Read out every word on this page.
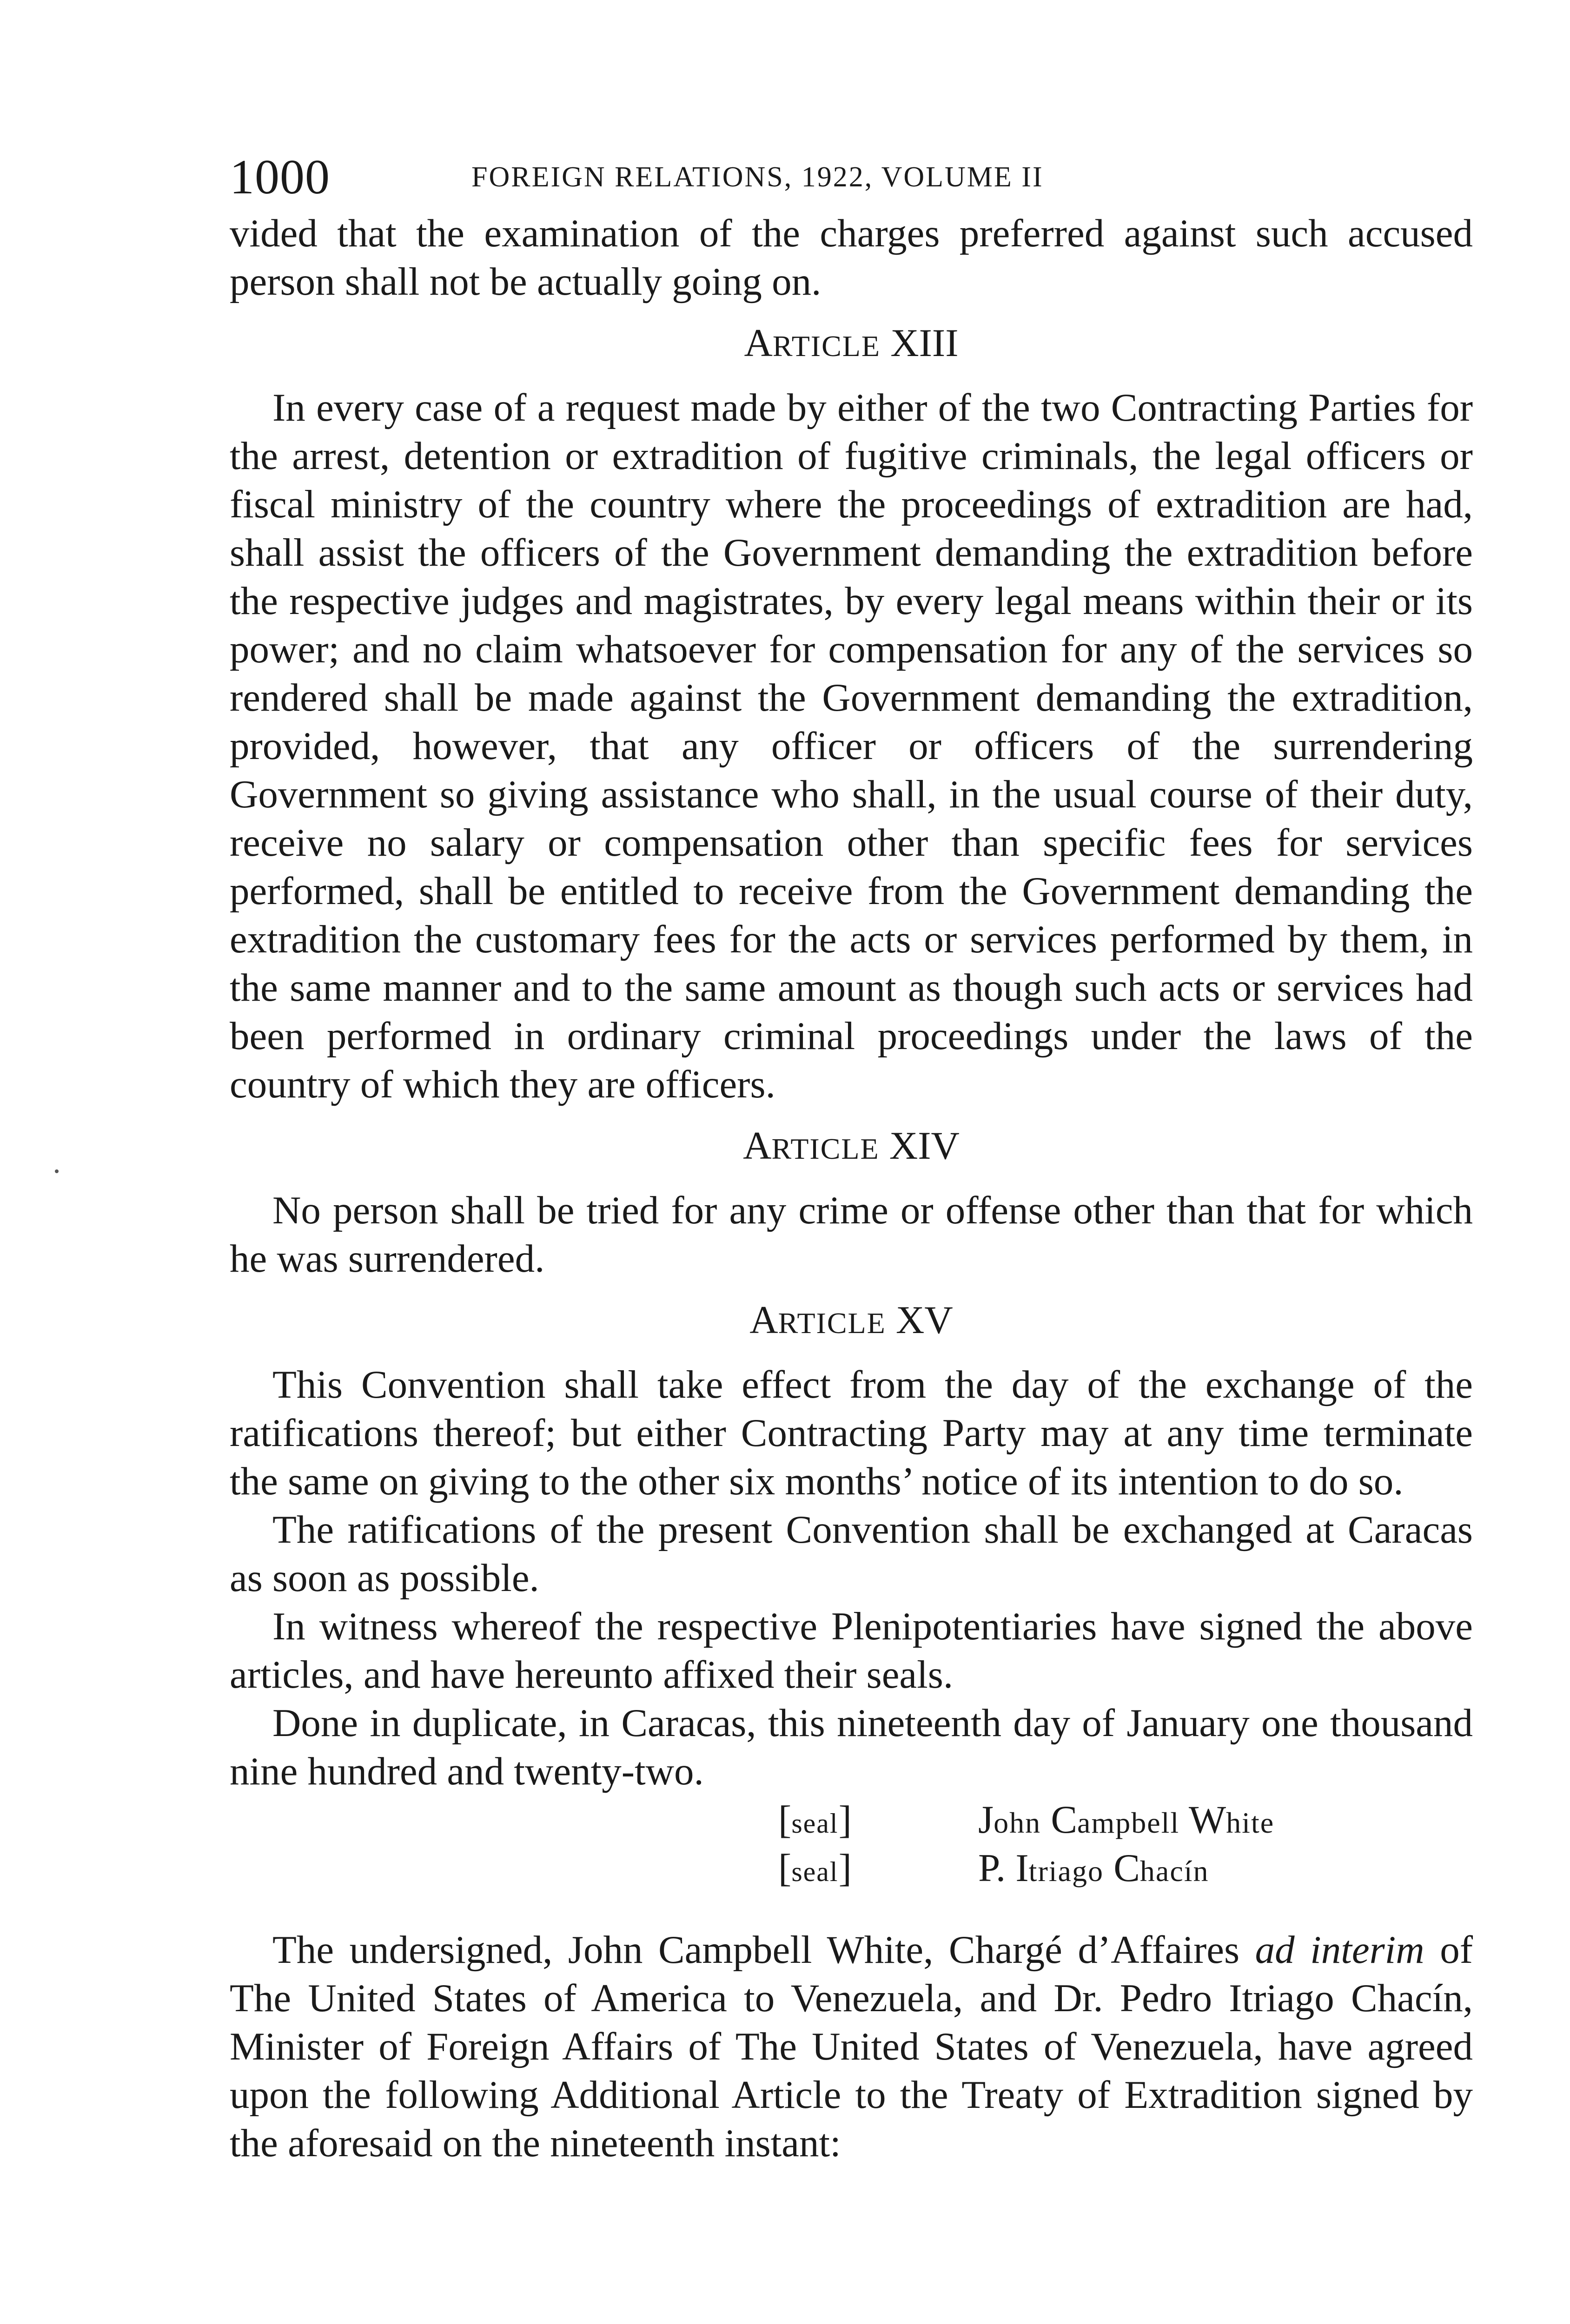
1000	FOREIGN RELATIONS, 1922, VOLUME II

vided that the examination of the charges preferred against such accused person shall not be actually going on.

ARTICLE XIII

In every case of a request made by either of the two Contracting Parties for the arrest, detention or extradition of fugitive criminals, the legal officers or fiscal ministry of the country where the proceedings of extradition are had, shall assist the officers of the Government demanding the extradition before the respective judges and magistrates, by every legal means within their or its power; and no claim whatsoever for compensation for any of the services so rendered shall be made against the Government demanding the extradition, provided, however, that any officer or officers of the surrendering Government so giving assistance who shall, in the usual course of their duty, receive no salary or compensation other than specific fees for services performed, shall be entitled to receive from the Government demanding the extradition the customary fees for the acts or services performed by them, in the same manner and to the same amount as though such acts or services had been performed in ordinary criminal proceedings under the laws of the country of which they are officers.

ARTICLE XIV

No person shall be tried for any crime or offense other than that for which he was surrendered.

ARTICLE XV

This Convention shall take effect from the day of the exchange of the ratifications thereof; but either Contracting Party may at any time terminate the same on giving to the other six months’ notice of its intention to do so.

The ratifications of the present Convention shall be exchanged at Caracas as soon as possible.

In witness whereof the respective Plenipotentiaries have signed the above articles, and have hereunto affixed their seals.

Done in duplicate, in Caracas, this nineteenth day of January one thousand nine hundred and twenty-two.

[seal]	John Campbell White
[seal]	P. Itriago Chacín

The undersigned, John Campbell White, Chargé d’Affaires ad interim of The United States of America to Venezuela, and Dr. Pedro Itriago Chacín, Minister of Foreign Affairs of The United States of Venezuela, have agreed upon the following Additional Article to the Treaty of Extradition signed by the aforesaid on the nineteenth instant:
